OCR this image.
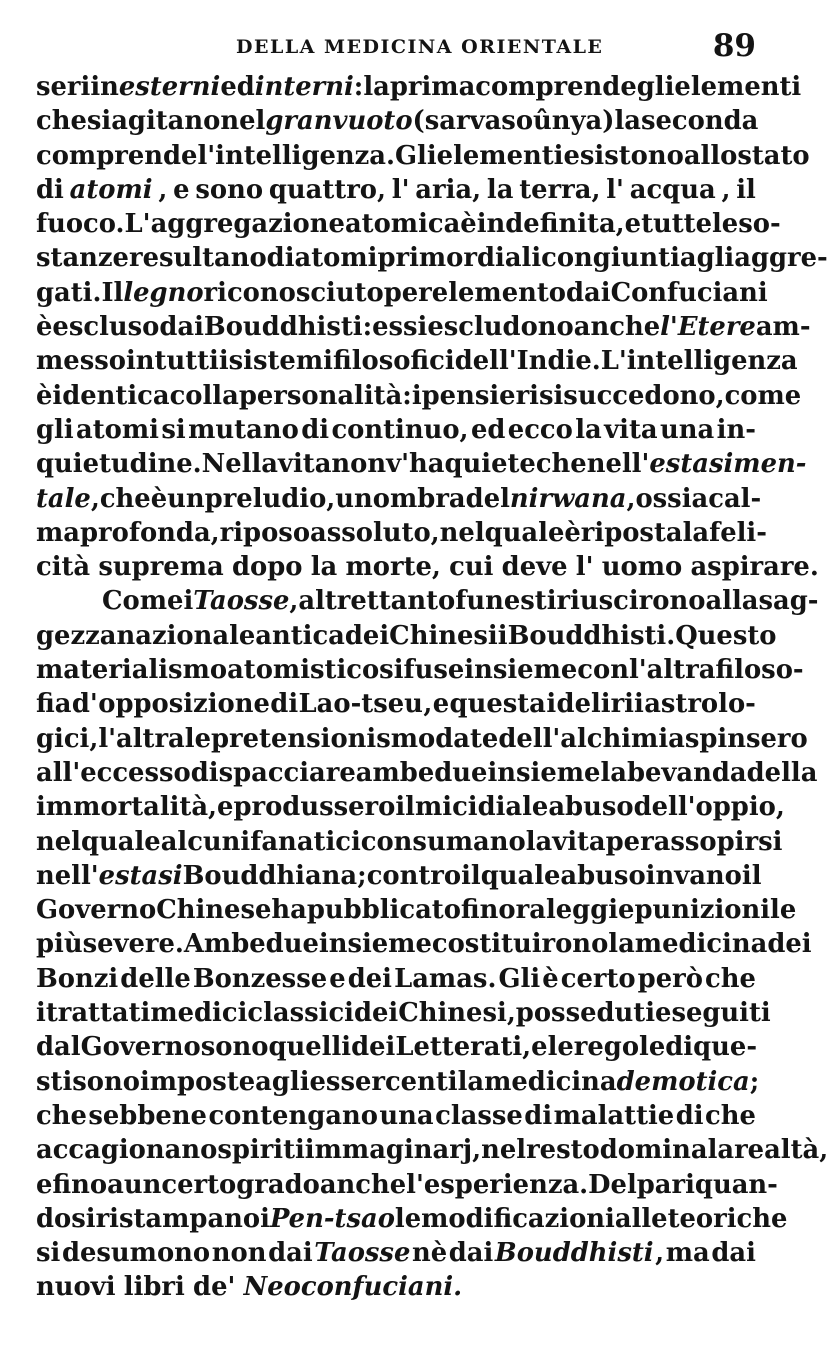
DELLA MEDICINA ORIENTALE	89
seri in esterni ed interni : la prima comprende gli elementi
che si agitano nel gran vuoto ( sarva soûnya ) la seconda
comprende l' intelligenza. Gli elementi esistono allo stato
di atomi , e sono quattro, l' aria, la terra, l' acqua , il
fuoco. L' aggregazione atomica è indefinita, e tutte le so-
stanze resultano di atomi primordiali congiunti agli aggre-
gati. Il legno riconosciuto per elemento dai Confuciani
è escluso dai Bouddhisti : essi escludono anche l'Etere am-
messo in tutti i sistemi filosofici dell' Indie. L'intelligenza
è identica colla personalità: i pensieri si succedono, come
gli atomi si mutano di continuo, ed ecco la vita una in-
quietudine. Nella vita non v'ha quiete che nell' estasi men-
tale , che è un preludio, un ombra del nirwana , ossia cal-
ma profonda, riposo assoluto, nel quale è riposta la feli-
cità suprema dopo la morte, cui deve l' uomo aspirare.
Come i Taosse , altrettanto funesti riuscirono alla sag-
gezza nazionale antica dei Chinesi i Bouddhisti. Questo
materialismo atomistico si fuse insieme con l'altra filoso-
fia d' opposizione di Lao-tseu , e questa i delirii astrolo-
gici, l' altra le pretensioni smodate dell' alchimia spinsero
all' eccesso di spacciare ambedue insieme la bevanda della
immortalità, e produssero il micidiale abuso dell' oppio ,
nel quale alcuni fanatici consumano la vita per assopirsi
nell' estasi Bouddhiana ; contro il quale abuso invano il
Governo Chinese ha pubblicato finora leggi e punizioni le
più severe. Ambedue insieme costituirono la medicina dei
Bonzi delle Bonzesse e dei Lamas. Gli è certo però che
i trattati medici classici dei Chinesi , posseduti e seguiti
dal Governo sono quelli dei Letterati, e le regole di que-
sti sono imposte agli essercenti la medicina demotica ;
che sebbene contengano una classe di malattie di che
accagionano spiriti immaginarj, nel resto domina la realtà,
e fino a un certo grado anche l' esperienza. Del pari quan-
do si ristampano i Pen-tsao le modificazioni alle teoriche
si desumono non dai Taosse nè dai Bouddhisti , ma dai
nuovi libri de' Neoconfuciani.
